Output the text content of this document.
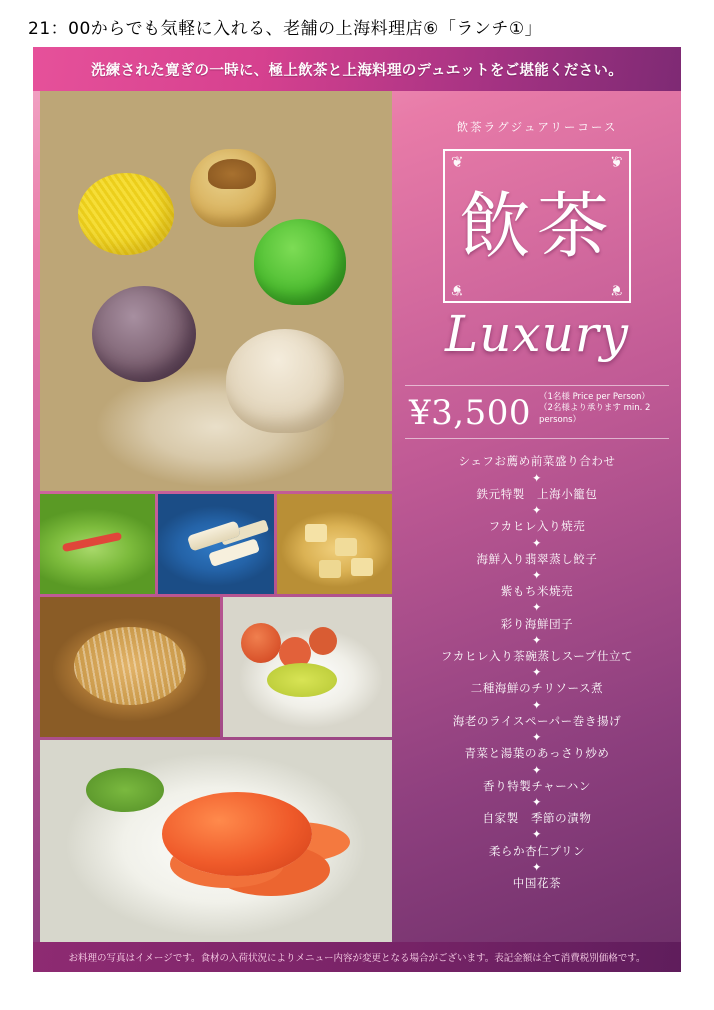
21：00からでも気軽に入れる、老舗の上海料理店⑥「ランチ①」
洗練された寛ぎの一時に、極上飲茶と上海料理のデュエットをご堪能ください。
飲茶ラグジュアリーコース
❦	❦
❦	❦
飲茶
Luxury
¥3,500 （1名様 Price per Person）
（2名様より承ります min. 2 persons）
シェフお薦め前菜盛り合わせ
✦
鉄元特製　上海小籠包
✦
フカヒレ入り焼売
✦
海鮮入り翡翠蒸し餃子
✦
紫もち米焼売
✦
彩り海鮮団子
✦
フカヒレ入り茶碗蒸しスープ仕立て
✦
二種海鮮のチリソース煮
✦
海老のライスペーパー巻き揚げ
✦
青菜と湯葉のあっさり炒め
✦
香り特製チャーハン
✦
自家製　季節の漬物
✦
柔らか杏仁プリン
✦
中国花茶
お料理の写真はイメージです。食材の入荷状況によりメニュー内容が変更となる場合がございます。表記金額は全て消費税別価格です。
